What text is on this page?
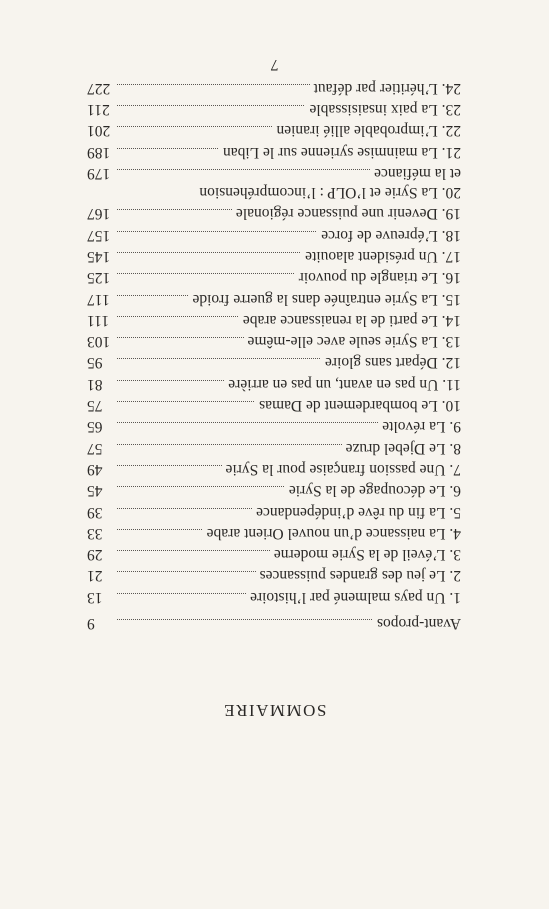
SOMMAIRE
Avant-propos
9
1. Un pays malmené par l’histoire
13
2. Le jeu des grandes puissances
21
3. L’éveil de la Syrie moderne
29
4. La naissance d’un nouvel Orient arabe
33
5. La fin du rêve d’indépendance
39
6. Le découpage de la Syrie
45
7. Une passion française pour la Syrie
49
8. Le Djebel druze
57
9. La révolte
65
10. Le bombardement de Damas
75
11. Un pas en avant, un pas en arrière
81
12. Départ sans gloire
95
13. La Syrie seule avec elle-même
103
14. Le parti de la renaissance arabe
111
15. La Syrie entraînée dans la guerre froide
117
16. Le triangle du pouvoir
125
17. Un président alaouite
145
18. L’épreuve de force
157
19. Devenir une puissance régionale
167
20. La Syrie et l’OLP : l’incompréhension
et la méfiance
179
21. La mainmise syrienne sur le Liban
189
22. L’improbable allié iranien
201
23. La paix insaisissable
211
24. L’héritier par défaut
227
7
